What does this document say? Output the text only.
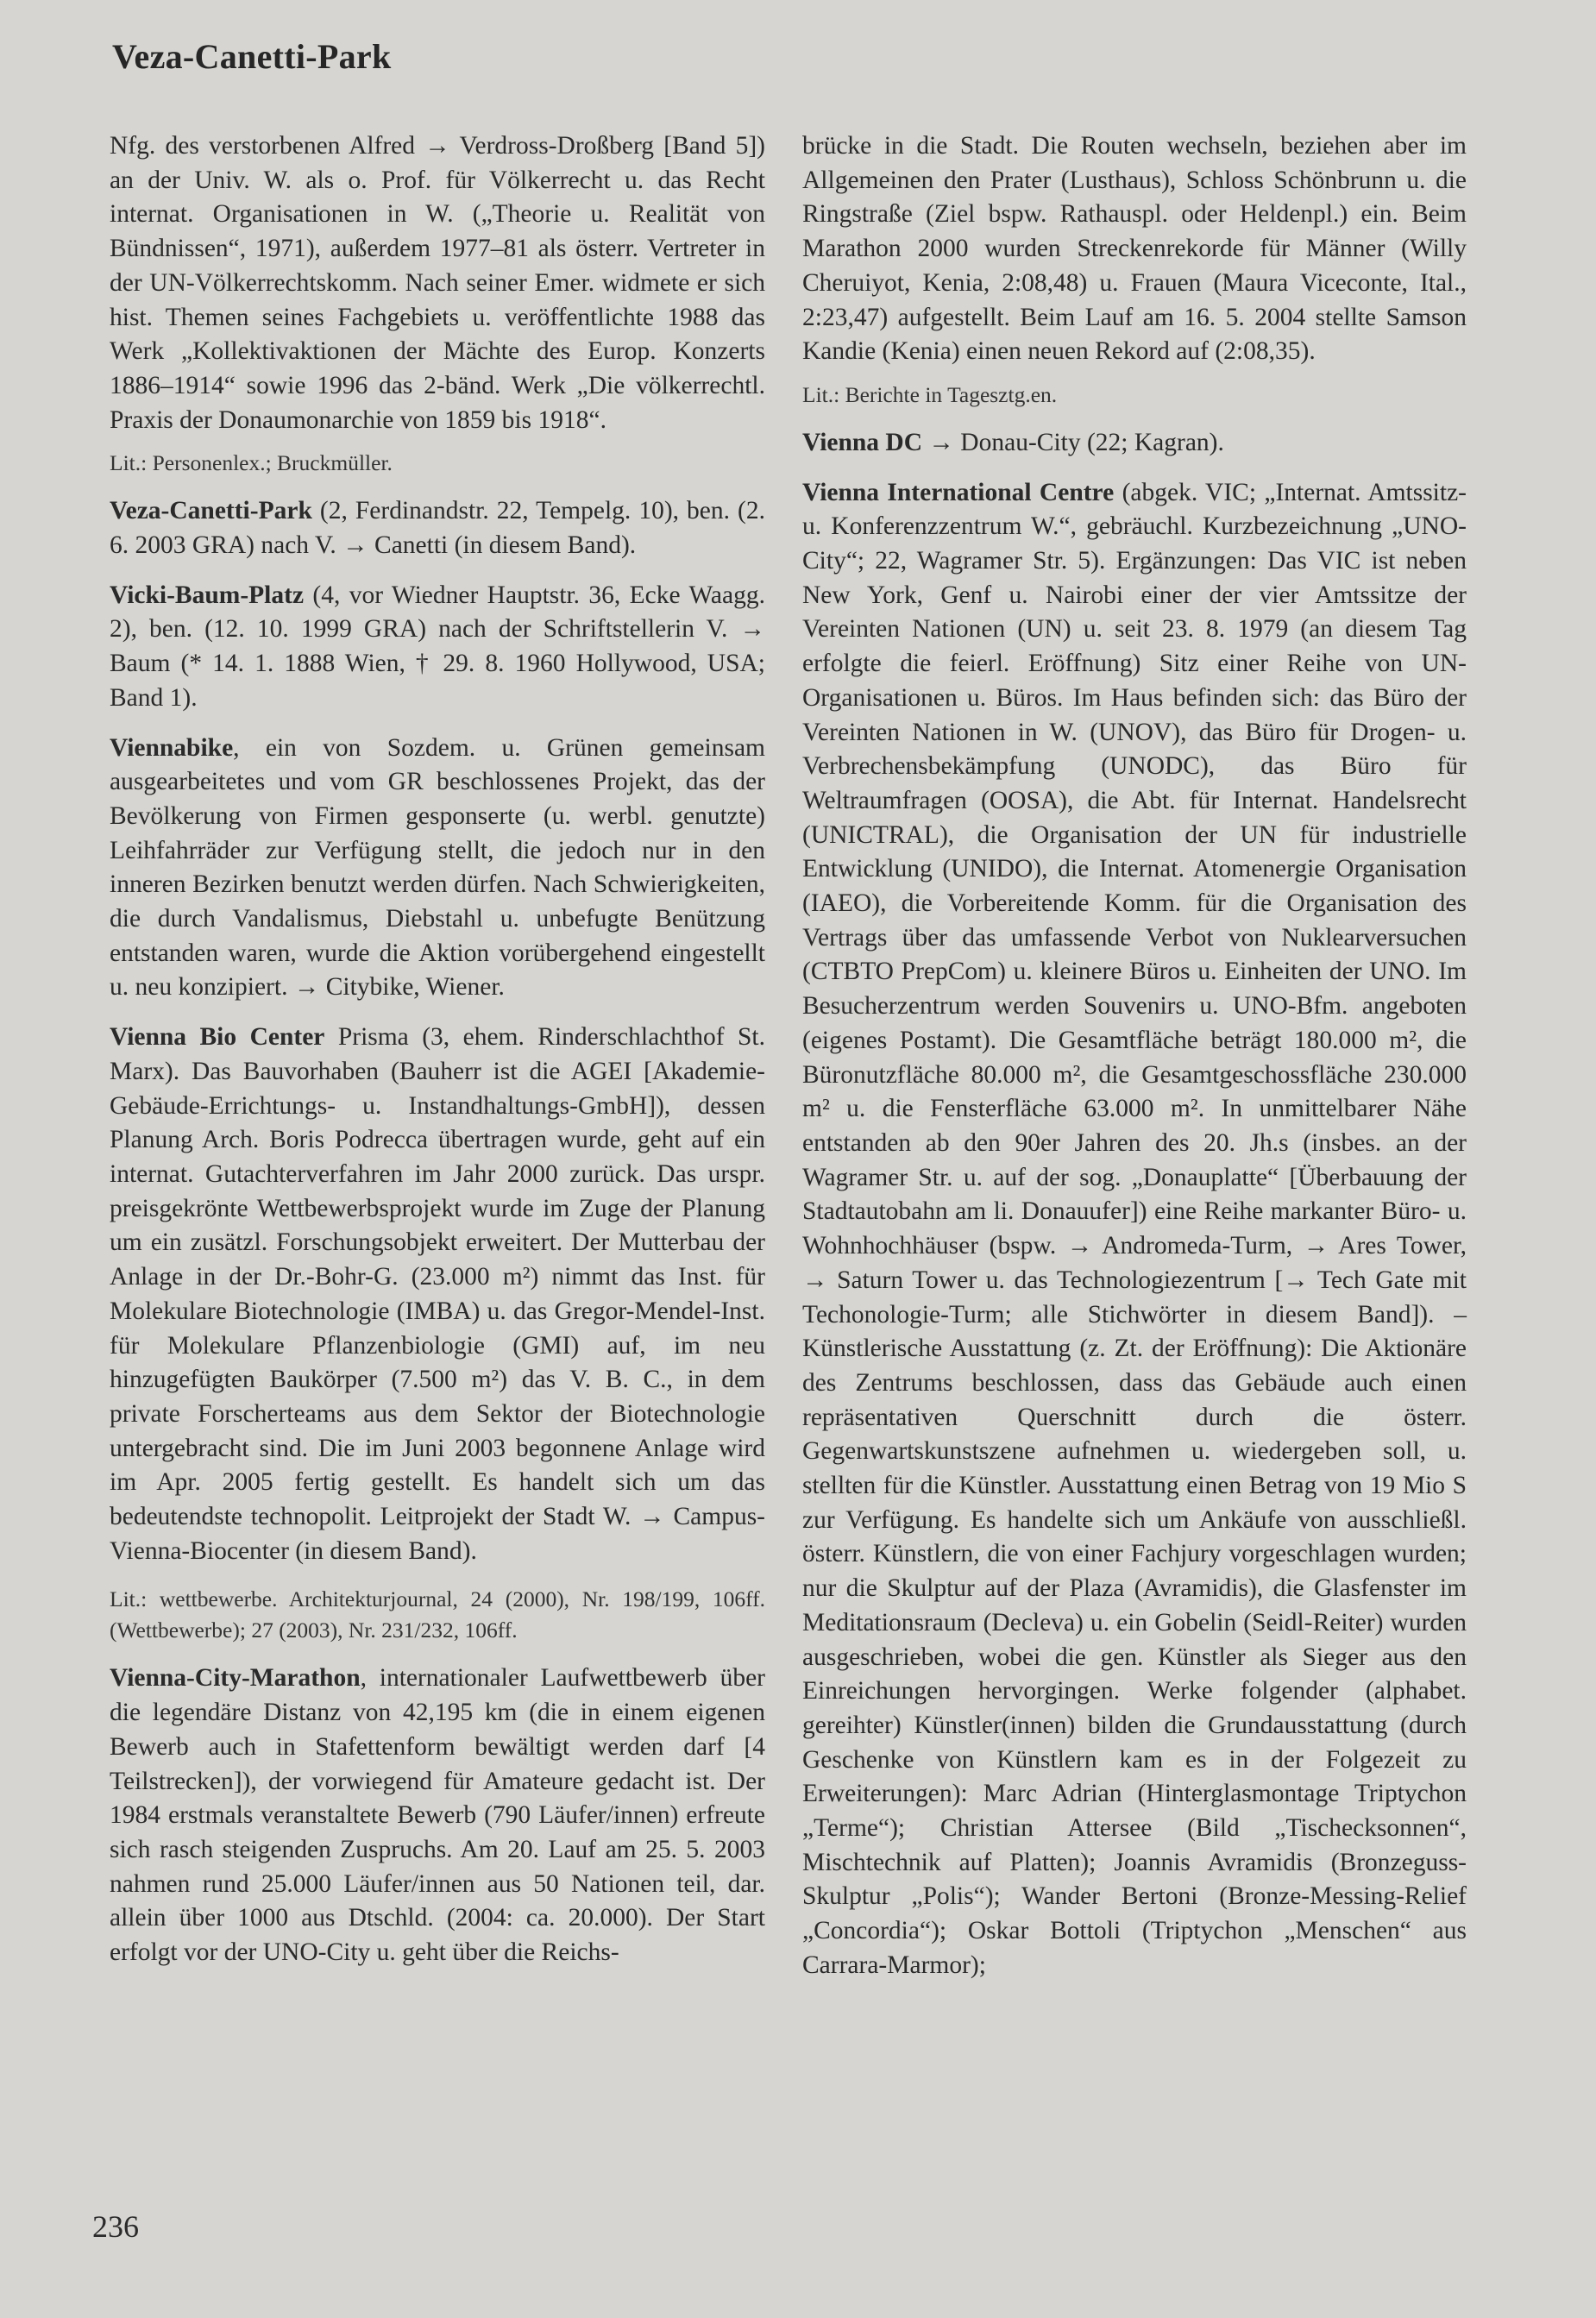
Veza-Canetti-Park

Nfg. des verstorbenen Alfred → Verdross-Droßberg [Band 5]) an der Univ. W. als o. Prof. für Völkerrecht u. das Recht internat. Organisationen in W. („Theorie u. Realität von Bündnissen“, 1971), außerdem 1977–81 als österr. Vertreter in der UN-Völkerrechtskomm. Nach seiner Emer. widmete er sich hist. Themen seines Fachgebiets u. veröffentlichte 1988 das Werk „Kollektivaktionen der Mächte des Europ. Konzerts 1886–1914“ sowie 1996 das 2-bänd. Werk „Die völkerrechtl. Praxis der Donaumonarchie von 1859 bis 1918“.

Lit.: Personenlex.; Bruckmüller.

Veza-Canetti-Park (2, Ferdinandstr. 22, Tempelg. 10), ben. (2. 6. 2003 GRA) nach V. → Canetti (in diesem Band).

Vicki-Baum-Platz (4, vor Wiedner Hauptstr. 36, Ecke Waagg. 2), ben. (12. 10. 1999 GRA) nach der Schriftstellerin V. → Baum (* 14. 1. 1888 Wien, † 29. 8. 1960 Hollywood, USA; Band 1).

Viennabike, ein von Sozdem. u. Grünen gemeinsam ausgearbeitetes und vom GR beschlossenes Projekt, das der Bevölkerung von Firmen gesponserte (u. werbl. genutzte) Leihfahrräder zur Verfügung stellt, die jedoch nur in den inneren Bezirken benutzt werden dürfen. Nach Schwierigkeiten, die durch Vandalismus, Diebstahl u. unbefugte Benützung entstanden waren, wurde die Aktion vorübergehend eingestellt u. neu konzipiert. → Citybike, Wiener.

Vienna Bio Center Prisma (3, ehem. Rinderschlachthof St. Marx). Das Bauvorhaben (Bauherr ist die AGEI [Akademie-Gebäude-Errichtungs- u. Instandhaltungs-GmbH]), dessen Planung Arch. Boris Podrecca übertragen wurde, geht auf ein internat. Gutachterverfahren im Jahr 2000 zurück. Das urspr. preisgekrönte Wettbewerbsprojekt wurde im Zuge der Planung um ein zusätzl. Forschungsobjekt erweitert. Der Mutterbau der Anlage in der Dr.-Bohr-G. (23.000 m²) nimmt das Inst. für Molekulare Biotechnologie (IMBA) u. das Gregor-Mendel-Inst. für Molekulare Pflanzenbiologie (GMI) auf, im neu hinzugefügten Baukörper (7.500 m²) das V. B. C., in dem private Forscherteams aus dem Sektor der Biotechnologie untergebracht sind. Die im Juni 2003 begonnene Anlage wird im Apr. 2005 fertig gestellt. Es handelt sich um das bedeutendste technopolit. Leitprojekt der Stadt W. → Campus-Vienna-Biocenter (in diesem Band).

Lit.: wettbewerbe. Architekturjournal, 24 (2000), Nr. 198/199, 106ff. (Wettbewerbe); 27 (2003), Nr. 231/232, 106ff.

Vienna-City-Marathon, internationaler Laufwettbewerb über die legendäre Distanz von 42,195 km (die in einem eigenen Bewerb auch in Stafettenform bewältigt werden darf [4 Teilstrecken]), der vorwiegend für Amateure gedacht ist. Der 1984 erstmals veranstaltete Bewerb (790 Läufer/innen) erfreute sich rasch steigenden Zuspruchs. Am 20. Lauf am 25. 5. 2003 nahmen rund 25.000 Läufer/innen aus 50 Nationen teil, dar. allein über 1000 aus Dtschld. (2004: ca. 20.000). Der Start erfolgt vor der UNO-City u. geht über die Reichs-

brücke in die Stadt. Die Routen wechseln, beziehen aber im Allgemeinen den Prater (Lusthaus), Schloss Schönbrunn u. die Ringstraße (Ziel bspw. Rathauspl. oder Heldenpl.) ein. Beim Marathon 2000 wurden Streckenrekorde für Männer (Willy Cheruiyot, Kenia, 2:08,48) u. Frauen (Maura Viceconte, Ital., 2:23,47) aufgestellt. Beim Lauf am 16. 5. 2004 stellte Samson Kandie (Kenia) einen neuen Rekord auf (2:08,35).

Lit.: Berichte in Tagesztg.en.

Vienna DC → Donau-City (22; Kagran).

Vienna International Centre (abgek. VIC; „Internat. Amtssitz- u. Konferenzzentrum W.“, gebräuchl. Kurzbezeichnung „UNO-City“; 22, Wagramer Str. 5). Ergänzungen: Das VIC ist neben New York, Genf u. Nairobi einer der vier Amtssitze der Vereinten Nationen (UN) u. seit 23. 8. 1979 (an diesem Tag erfolgte die feierl. Eröffnung) Sitz einer Reihe von UN-Organisationen u. Büros. Im Haus befinden sich: das Büro der Vereinten Nationen in W. (UNOV), das Büro für Drogen- u. Verbrechensbekämpfung (UNODC), das Büro für Weltraumfragen (OOSA), die Abt. für Internat. Handelsrecht (UNICTRAL), die Organisation der UN für industrielle Entwicklung (UNIDO), die Internat. Atomenergie Organisation (IAEO), die Vorbereitende Komm. für die Organisation des Vertrags über das umfassende Verbot von Nuklearversuchen (CTBTO PrepCom) u. kleinere Büros u. Einheiten der UNO. Im Besucherzentrum werden Souvenirs u. UNO-Bfm. angeboten (eigenes Postamt). Die Gesamtfläche beträgt 180.000 m², die Büronutzfläche 80.000 m², die Gesamtgeschossfläche 230.000 m² u. die Fensterfläche 63.000 m². In unmittelbarer Nähe entstanden ab den 90er Jahren des 20. Jh.s (insbes. an der Wagramer Str. u. auf der sog. „Donauplatte“ [Überbauung der Stadtautobahn am li. Donauufer]) eine Reihe markanter Büro- u. Wohnhochhäuser (bspw. → Andromeda-Turm, → Ares Tower, → Saturn Tower u. das Technologiezentrum [→ Tech Gate mit Techonologie-Turm; alle Stichwörter in diesem Band]). – Künstlerische Ausstattung (z. Zt. der Eröffnung): Die Aktionäre des Zentrums beschlossen, dass das Gebäude auch einen repräsentativen Querschnitt durch die österr. Gegenwartskunstszene aufnehmen u. wiedergeben soll, u. stellten für die Künstler. Ausstattung einen Betrag von 19 Mio S zur Verfügung. Es handelte sich um Ankäufe von ausschließl. österr. Künstlern, die von einer Fachjury vorgeschlagen wurden; nur die Skulptur auf der Plaza (Avramidis), die Glasfenster im Meditationsraum (Decleva) u. ein Gobelin (Seidl-Reiter) wurden ausgeschrieben, wobei die gen. Künstler als Sieger aus den Einreichungen hervorgingen. Werke folgender (alphabet. gereihter) Künstler(innen) bilden die Grundausstattung (durch Geschenke von Künstlern kam es in der Folgezeit zu Erweiterungen): Marc Adrian (Hinterglasmontage Triptychon „Terme“); Christian Attersee (Bild „Tischecksonnen“, Mischtechnik auf Platten); Joannis Avramidis (Bronzeguss-Skulptur „Polis“); Wander Bertoni (Bronze-Messing-Relief „Concordia“); Oskar Bottoli (Triptychon „Menschen“ aus Carrara-Marmor);

236
